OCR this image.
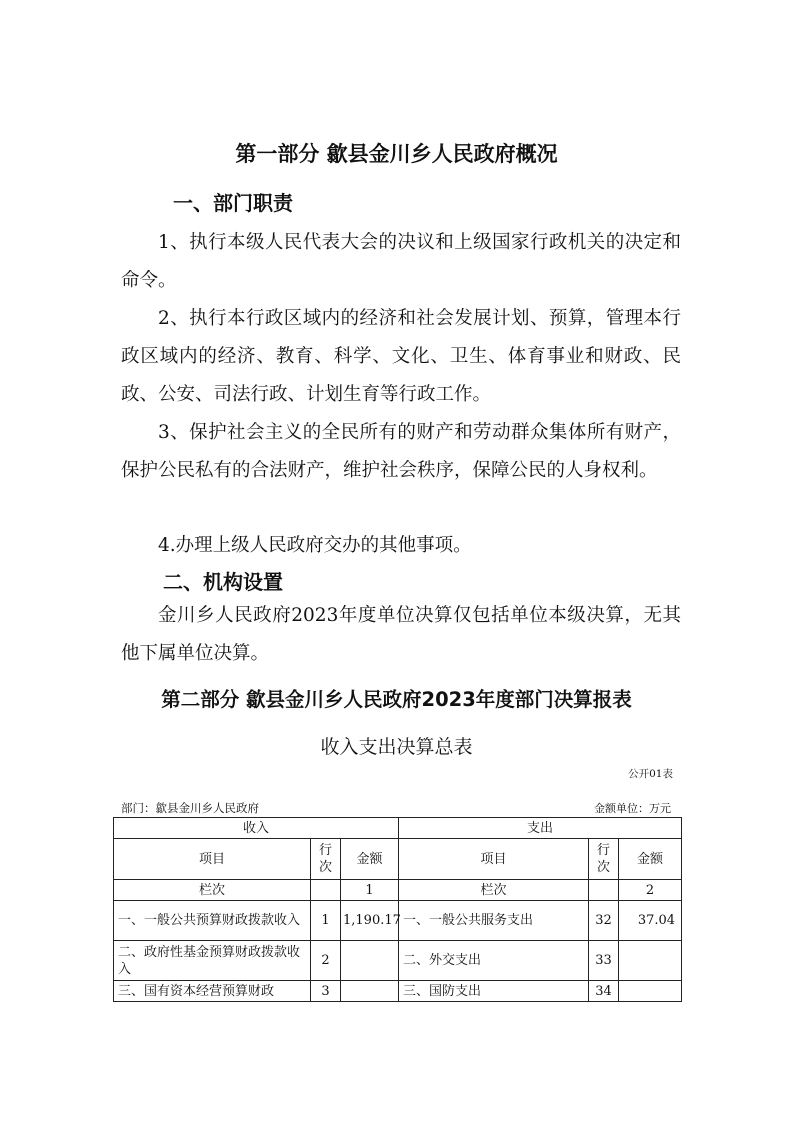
第一部分 歙县金川乡人民政府概况
一、部门职责
1、执行本级人民代表大会的决议和上级国家行政机关的决定和命令。
2、执行本行政区域内的经济和社会发展计划、预算，管理本行政区域内的经济、教育、科学、文化、卫生、体育事业和财政、民政、公安、司法行政、计划生育等行政工作。
3、保护社会主义的全民所有的财产和劳动群众集体所有财产，保护公民私有的合法财产，维护社会秩序，保障公民的人身权利。
4.办理上级人民政府交办的其他事项。
二、机构设置
金川乡人民政府2023年度单位决算仅包括单位本级决算，无其他下属单位决算。
第二部分 歙县金川乡人民政府2023年度部门决算报表
收入支出决算总表
公开01表
部门：歙县金川乡人民政府	金额单位：万元
收入			支出		
项目	行次	金额	项目	行次	金额
栏次		1	栏次		2
一、一般公共预算财政拨款收入	1	1,190.17	一、一般公共服务支出	32	37.04
二、政府性基金预算财政拨款收入	2		二、外交支出	33	
三、国有资本经营预算财政	3		三、国防支出	34	
